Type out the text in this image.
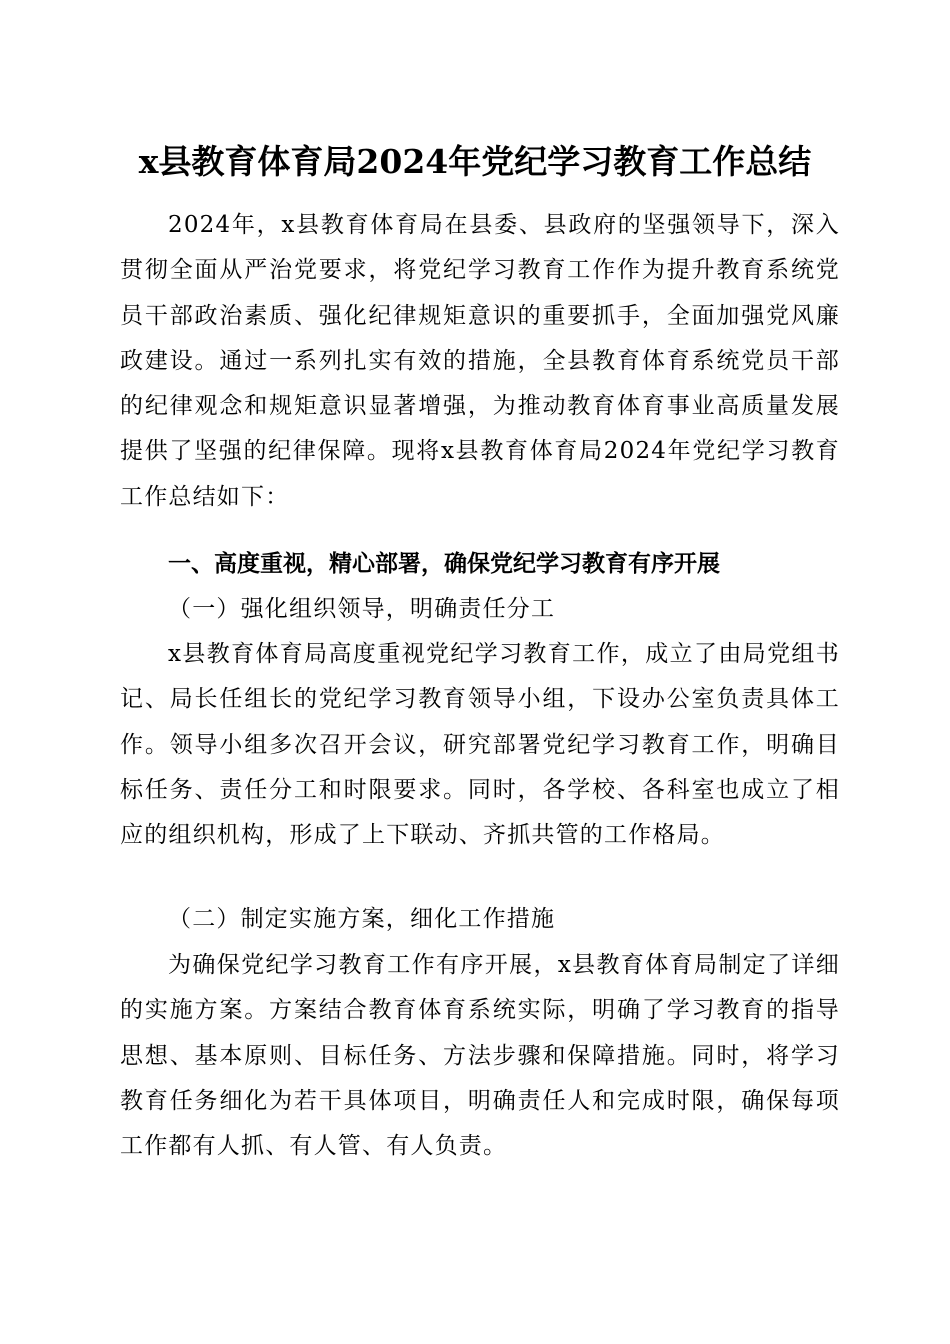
x县教育体育局2024年党纪学习教育工作总结
2024年，x县教育体育局在县委、县政府的坚强领导下，深入贯彻全面从严治党要求，将党纪学习教育工作作为提升教育系统党员干部政治素质、强化纪律规矩意识的重要抓手，全面加强党风廉政建设。通过一系列扎实有效的措施，全县教育体育系统党员干部的纪律观念和规矩意识显著增强，为推动教育体育事业高质量发展提供了坚强的纪律保障。现将x县教育体育局2024年党纪学习教育工作总结如下：
一、高度重视，精心部署，确保党纪学习教育有序开展
（一）强化组织领导，明确责任分工
x县教育体育局高度重视党纪学习教育工作，成立了由局党组书记、局长任组长的党纪学习教育领导小组，下设办公室负责具体工作。领导小组多次召开会议，研究部署党纪学习教育工作，明确目标任务、责任分工和时限要求。同时，各学校、各科室也成立了相应的组织机构，形成了上下联动、齐抓共管的工作格局。
（二）制定实施方案，细化工作措施
为确保党纪学习教育工作有序开展，x县教育体育局制定了详细的实施方案。方案结合教育体育系统实际，明确了学习教育的指导思想、基本原则、目标任务、方法步骤和保障措施。同时，将学习教育任务细化为若干具体项目，明确责任人和完成时限，确保每项工作都有人抓、有人管、有人负责。
